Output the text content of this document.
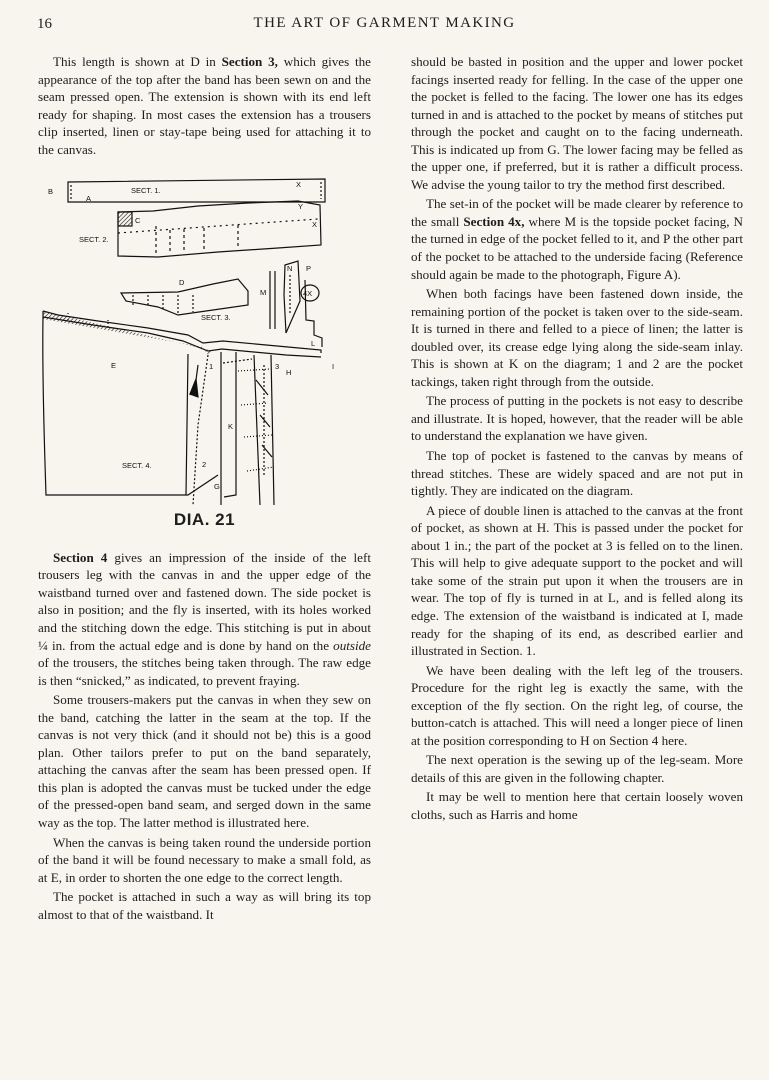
16	THE ART OF GARMENT MAKING

This length is shown at D in Section 3, which gives the appearance of the top after the band has been sewn on and the seam pressed open. The extension is shown with its end left ready for shaping. In most cases the extension has a trousers clip inserted, linen or stay-tape being used for attaching it to the canvas.

B
A
SECT. 1.
X
Y
C
SECT. 2.
X
D
SECT. 3.
M
N P
4X
L
E	1	3
H
I
K
SECT. 4.	2
G
DIA. 21

Section 4 gives an impression of the inside of the left trousers leg with the canvas in and the upper edge of the waistband turned over and fastened down. The side pocket is also in position; and the fly is inserted, with its holes worked and the stitching down the edge. This stitching is put in about ¼ in. from the actual edge and is done by hand on the outside of the trousers, the stitches being taken through. The raw edge is then “snicked,” as indicated, to prevent fraying.

Some trousers-makers put the canvas in when they sew on the band, catching the latter in the seam at the top. If the canvas is not very thick (and it should not be) this is a good plan. Other tailors prefer to put on the band separately, attaching the canvas after the seam has been pressed open. If this plan is adopted the canvas must be tucked under the edge of the pressed-open band seam, and serged down in the same way as the top. The latter method is illustrated here.

When the canvas is being taken round the underside portion of the band it will be found necessary to make a small fold, as at E, in order to shorten the one edge to the correct length.

The pocket is attached in such a way as will bring its top almost to that of the waistband. It

should be basted in position and the upper and lower pocket facings inserted ready for felling. In the case of the upper one the pocket is felled to the facing. The lower one has its edges turned in and is attached to the pocket by means of stitches put through the pocket and caught on to the facing underneath. This is indicated up from G. The lower facing may be felled as the upper one, if preferred, but it is rather a difficult process. We advise the young tailor to try the method first described.

The set-in of the pocket will be made clearer by reference to the small Section 4x, where M is the topside pocket facing, N the turned in edge of the pocket felled to it, and P the other part of the pocket to be attached to the underside facing (Reference should again be made to the photograph, Figure A).

When both facings have been fastened down inside, the remaining portion of the pocket is taken over to the side-seam. It is turned in there and felled to a piece of linen; the latter is doubled over, its crease edge lying along the side-seam inlay. This is shown at K on the diagram; 1 and 2 are the pocket tackings, taken right through from the outside.

The process of putting in the pockets is not easy to describe and illustrate. It is hoped, however, that the reader will be able to understand the explanation we have given.

The top of pocket is fastened to the canvas by means of thread stitches. These are widely spaced and are not put in tightly. They are indicated on the diagram.

A piece of double linen is attached to the canvas at the front of pocket, as shown at H. This is passed under the pocket for about 1 in.; the part of the pocket at 3 is felled on to the linen. This will help to give adequate support to the pocket and will take some of the strain put upon it when the trousers are in wear. The top of fly is turned in at L, and is felled along its edge. The extension of the waistband is indicated at I, made ready for the shaping of its end, as described earlier and illustrated in Section. 1.

We have been dealing with the left leg of the trousers. Procedure for the right leg is exactly the same, with the exception of the fly section. On the right leg, of course, the button-catch is attached. This will need a longer piece of linen at the position corresponding to H on Section 4 here.

The next operation is the sewing up of the leg-seam. More details of this are given in the following chapter.

It may be well to mention here that certain loosely woven cloths, such as Harris and home
